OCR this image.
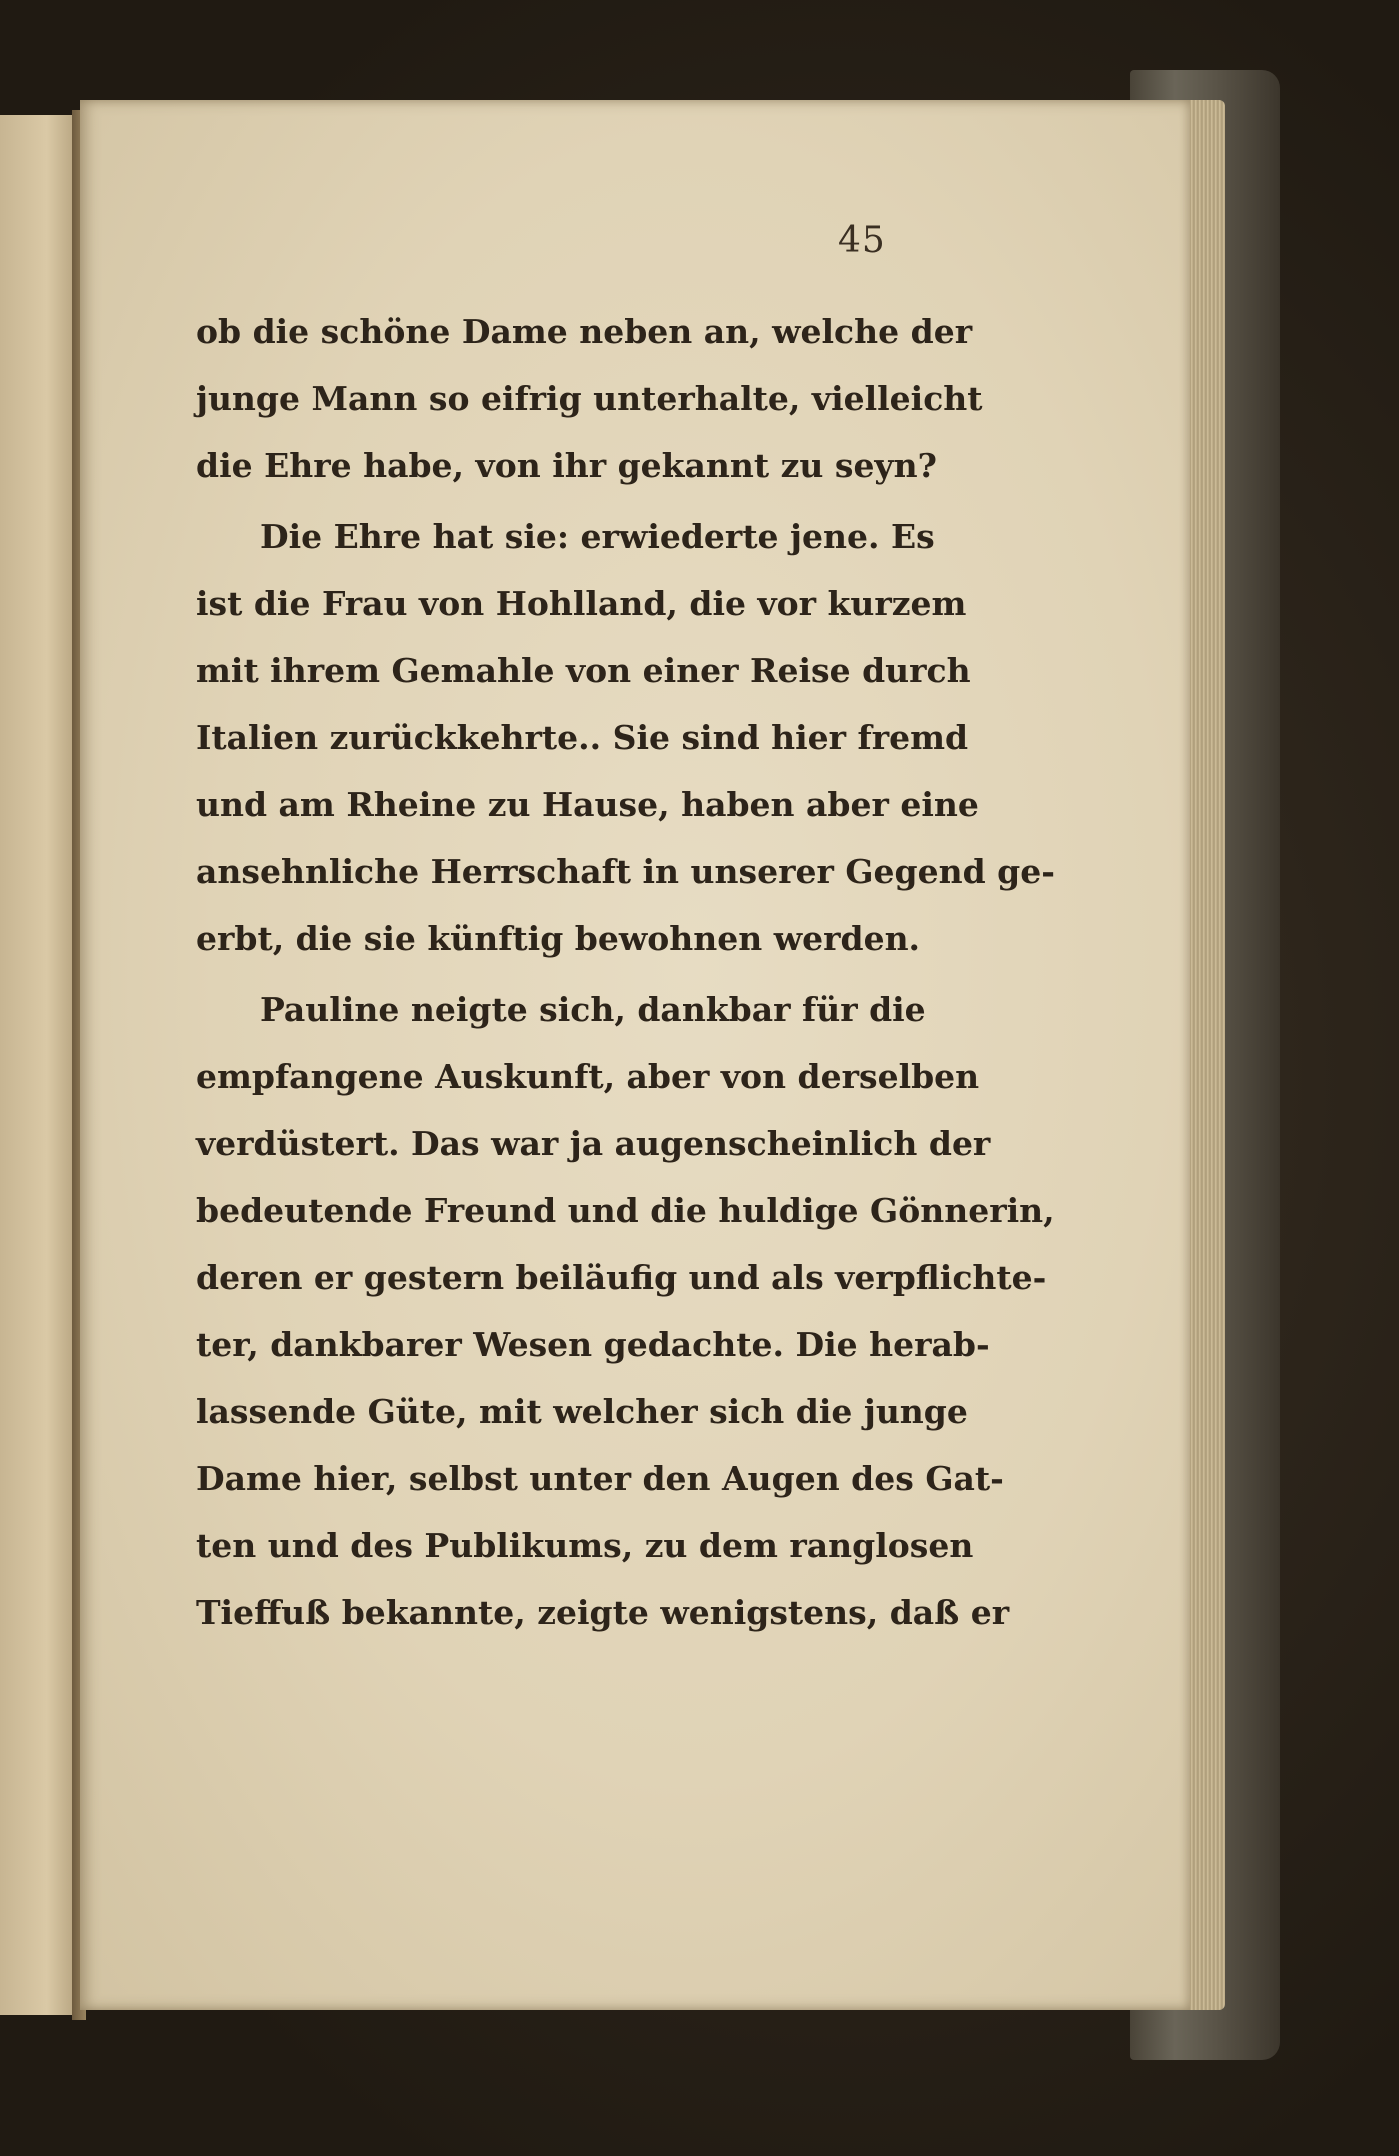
45
ob die schöne Dame neben an, welche der
junge Mann so eifrig unterhalte, vielleicht
die Ehre habe, von ihr gekannt zu seyn?
Die Ehre hat sie: erwiederte jene. Es
ist die Frau von Hohlland, die vor kurzem
mit ihrem Gemahle von einer Reise durch
Italien zurückkehrte.. Sie sind hier fremd
und am Rheine zu Hause, haben aber eine
ansehnliche Herrschaft in unserer Gegend ge-
erbt, die sie künftig bewohnen werden.
Pauline neigte sich, dankbar für die
empfangene Auskunft, aber von derselben
verdüstert. Das war ja augenscheinlich der
bedeutende Freund und die huldige Gönnerin,
deren er gestern beiläufig und als verpflichte-
ter, dankbarer Wesen gedachte. Die herab-
lassende Güte, mit welcher sich die junge
Dame hier, selbst unter den Augen des Gat-
ten und des Publikums, zu dem ranglosen
Tieffuß bekannte, zeigte wenigstens, daß er
